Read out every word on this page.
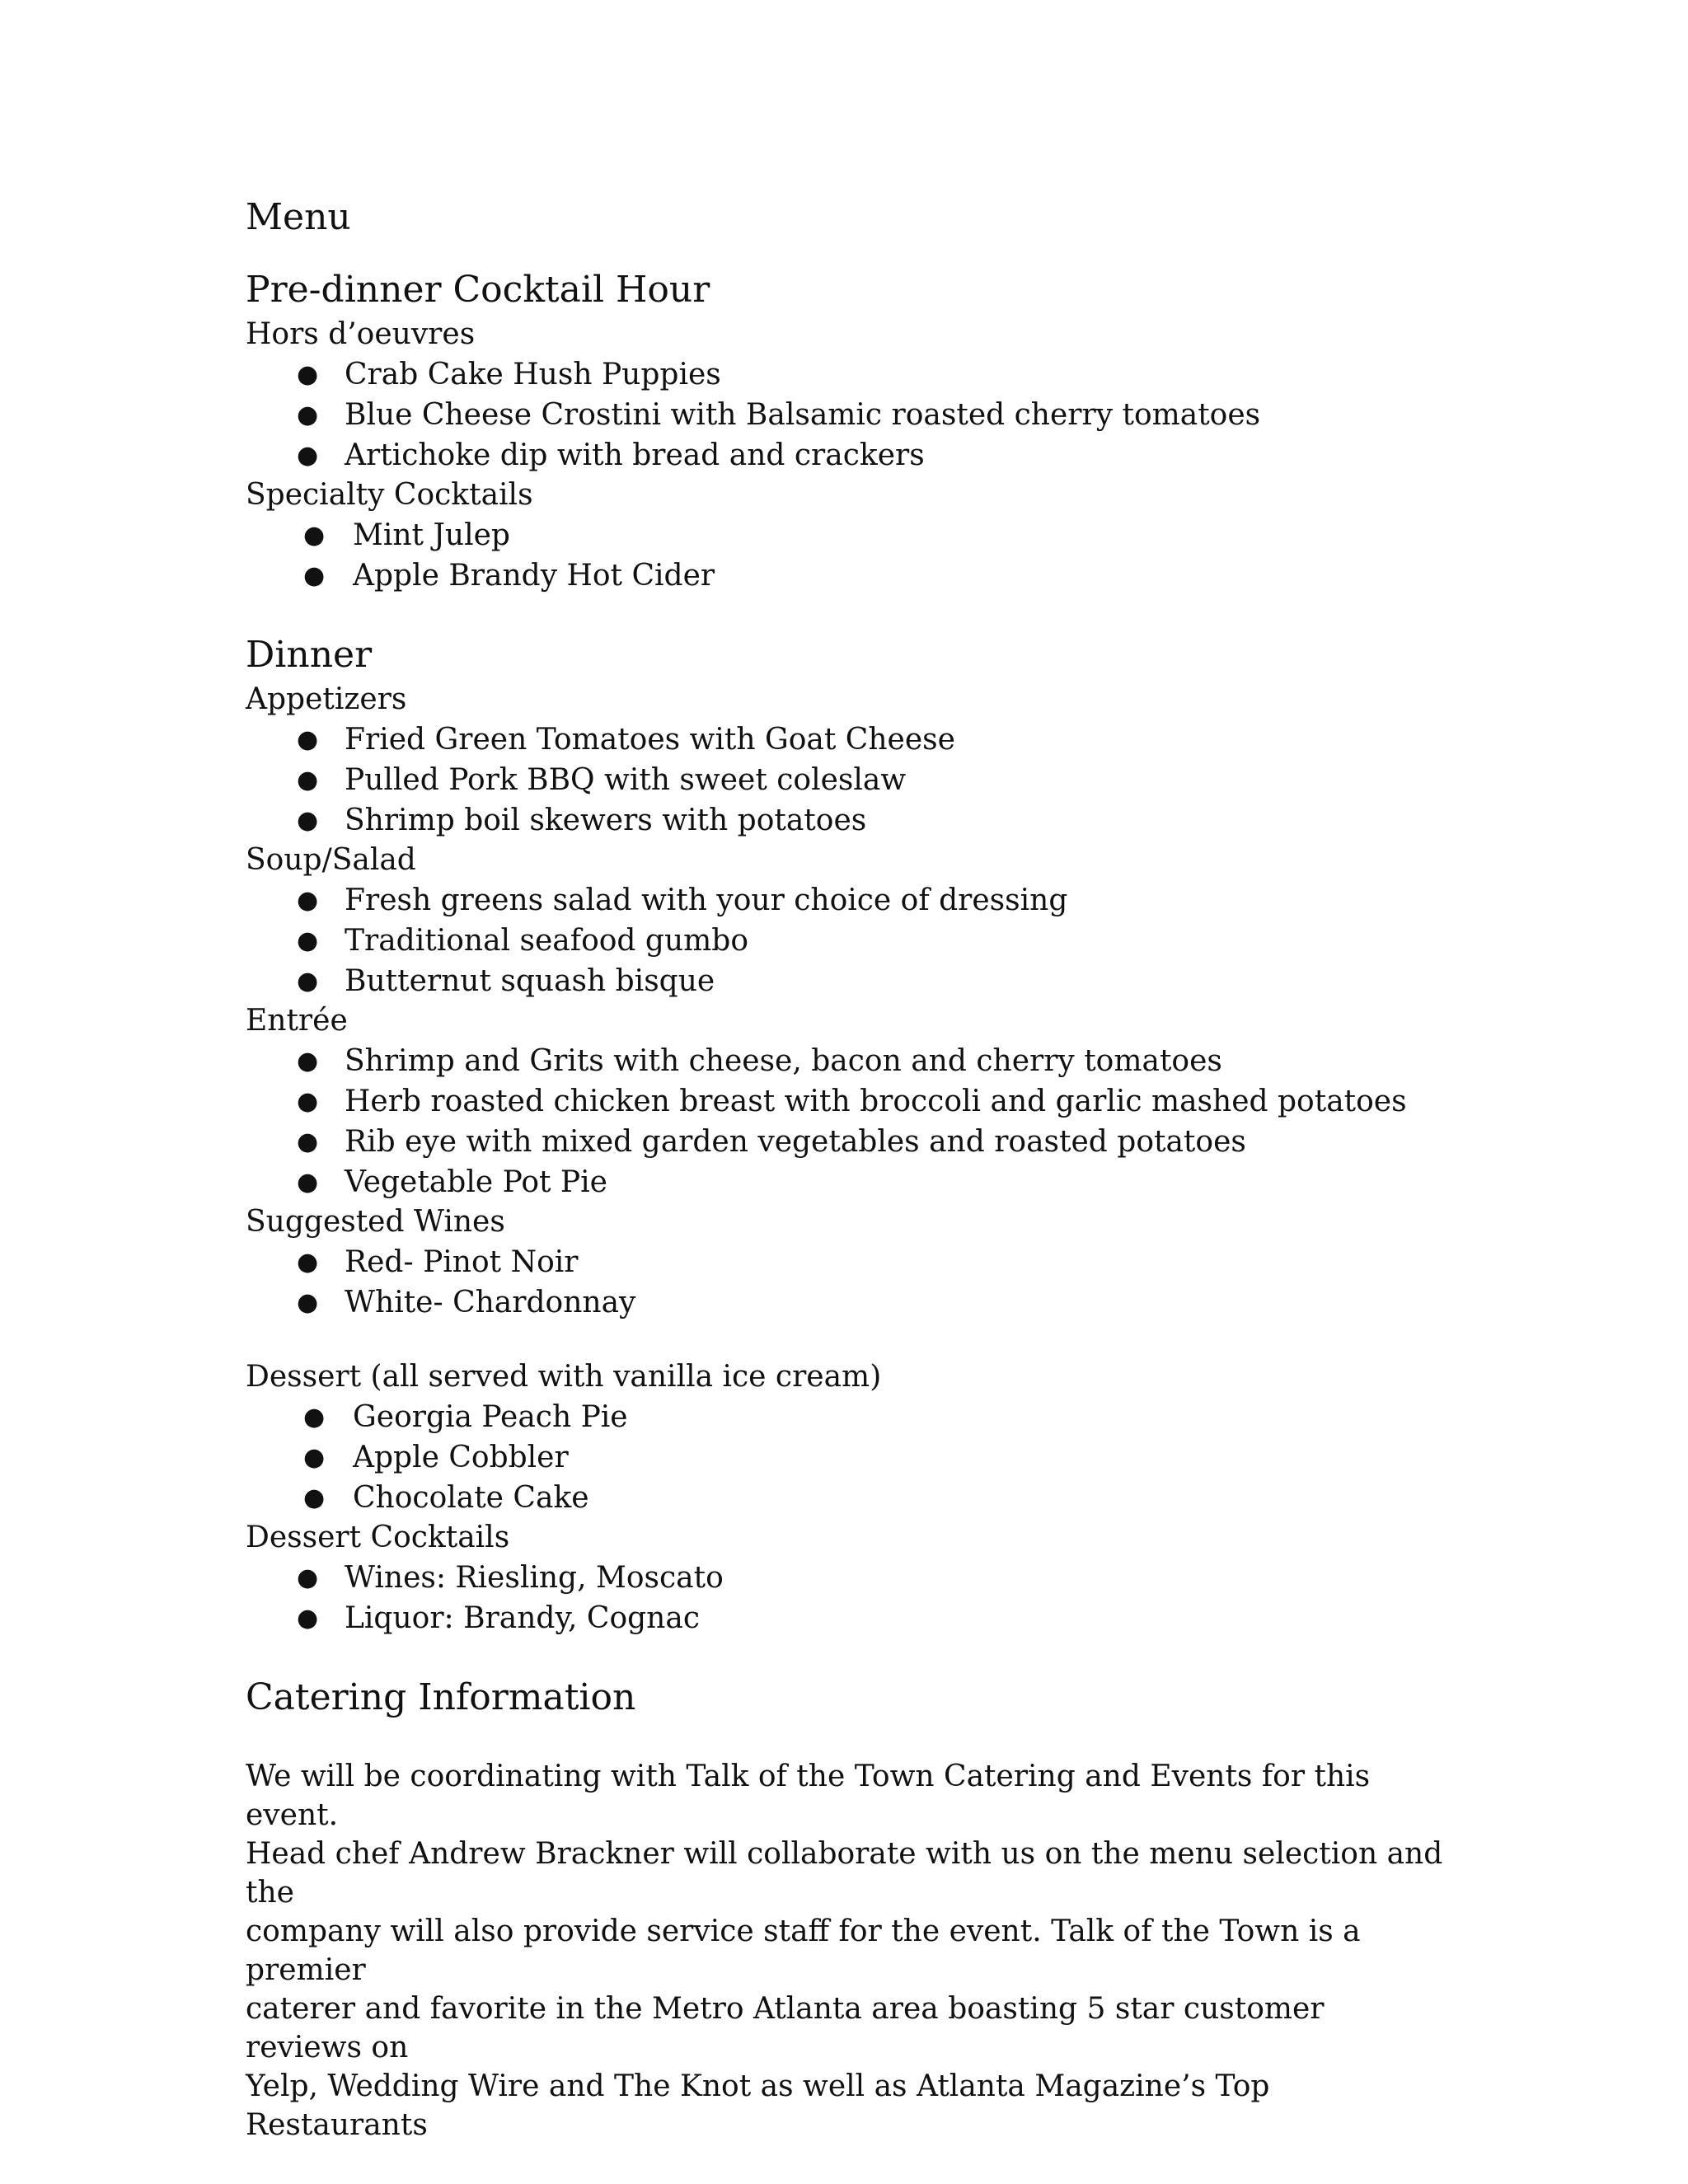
Menu
Pre-dinner Cocktail Hour
Hors d’oeuvres
● Crab Cake Hush Puppies
● Blue Cheese Crostini with Balsamic roasted cherry tomatoes
● Artichoke dip with bread and crackers
Specialty Cocktails
● Mint Julep
● Apple Brandy Hot Cider
Dinner
Appetizers
● Fried Green Tomatoes with Goat Cheese
● Pulled Pork BBQ with sweet coleslaw
● Shrimp boil skewers with potatoes
Soup/Salad
● Fresh greens salad with your choice of dressing
● Traditional seafood gumbo
● Butternut squash bisque
Entrée
● Shrimp and Grits with cheese, bacon and cherry tomatoes
● Herb roasted chicken breast with broccoli and garlic mashed potatoes
● Rib eye with mixed garden vegetables and roasted potatoes
● Vegetable Pot Pie
Suggested Wines
● Red- Pinot Noir
● White- Chardonnay
Dessert (all served with vanilla ice cream)
● Georgia Peach Pie
● Apple Cobbler
● Chocolate Cake
Dessert Cocktails
● Wines: Riesling, Moscato
● Liquor: Brandy, Cognac
Catering Information

We will be coordinating with Talk of the Town Catering and Events for this event.
Head chef Andrew Brackner will collaborate with us on the menu selection and the
company will also provide service staff for the event. Talk of the Town is a premier
caterer and favorite in the Metro Atlanta area boasting 5 star customer reviews on
Yelp, Wedding Wire and The Knot as well as Atlanta Magazine’s Top Restaurants
